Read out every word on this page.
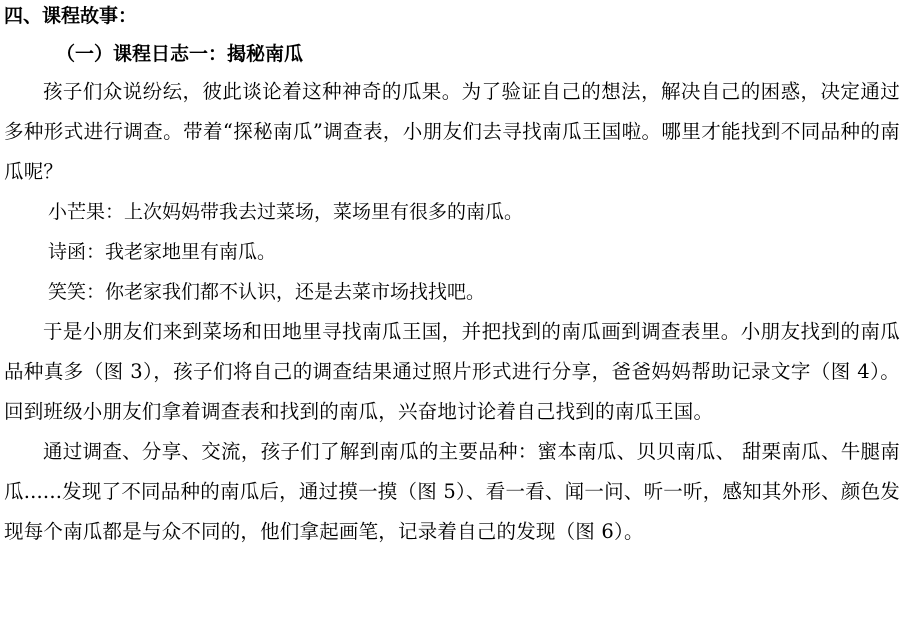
四、课程故事：
（一）课程日志一：揭秘南瓜

孩子们众说纷纭，彼此谈论着这种神奇的瓜果。为了验证自己的想法，解决自己的困惑，决定通过多种形式进行调查。带着“探秘南瓜”调查表，小朋友们去寻找南瓜王国啦。哪里才能找到不同品种的南瓜呢？

小芒果：上次妈妈带我去过菜场，菜场里有很多的南瓜。

诗函：我老家地里有南瓜。

笑笑：你老家我们都不认识，还是去菜市场找找吧。

于是小朋友们来到菜场和田地里寻找南瓜王国，并把找到的南瓜画到调查表里。小朋友找到的南瓜品种真多（图 3），孩子们将自己的调查结果通过照片形式进行分享，爸爸妈妈帮助记录文字（图 4）。回到班级小朋友们拿着调查表和找到的南瓜，兴奋地讨论着自己找到的南瓜王国。

通过调查、分享、交流，孩子们了解到南瓜的主要品种：蜜本南瓜、贝贝南瓜、 甜栗南瓜、牛腿南瓜......发现了不同品种的南瓜后，通过摸一摸（图 5）、看一看、闻一问、听一听，感知其外形、颜色发现每个南瓜都是与众不同的，他们拿起画笔，记录着自己的发现（图 6）。
